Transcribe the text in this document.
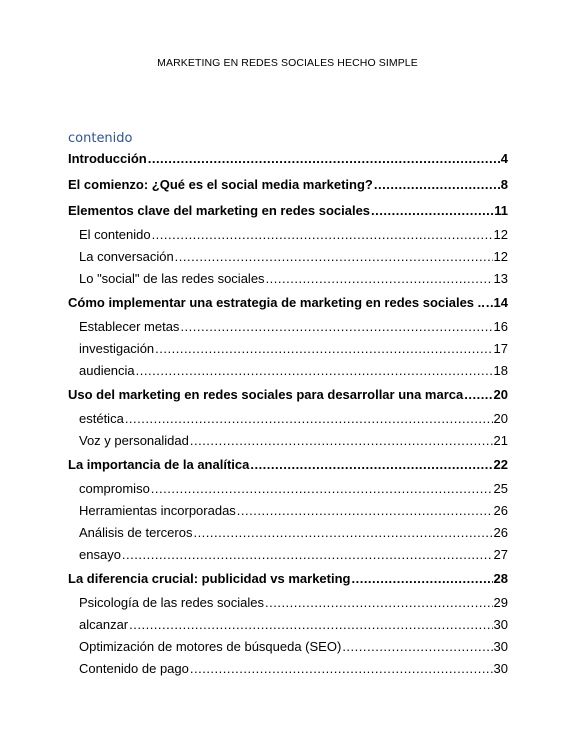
MARKETING EN REDES SOCIALES HECHO SIMPLE
contenido
Introducción .....	4
El comienzo: ¿Qué es el social media marketing? .....	8
Elementos clave del marketing en redes sociales .....	11
El contenido .....	12
La conversación .....	12
Lo "social" de las redes sociales .....	13
Cómo implementar una estrategia de marketing en redes sociales .. ..... 14
Establecer metas .....	16
investigación .....	17
audiencia .....	18
Uso del marketing en redes sociales para desarrollar una marca ..... 20
estética .....	20
Voz y personalidad .....	21
La importancia de la analítica .....	22
compromiso .....	25
Herramientas incorporadas .....	26
Análisis de terceros .....	26
ensayo .....	27
La diferencia crucial: publicidad vs marketing .....	28
Psicología de las redes sociales .....	29
alcanzar .....	30
Optimización de motores de búsqueda (SEO) .....	30
Contenido de pago .....	30
